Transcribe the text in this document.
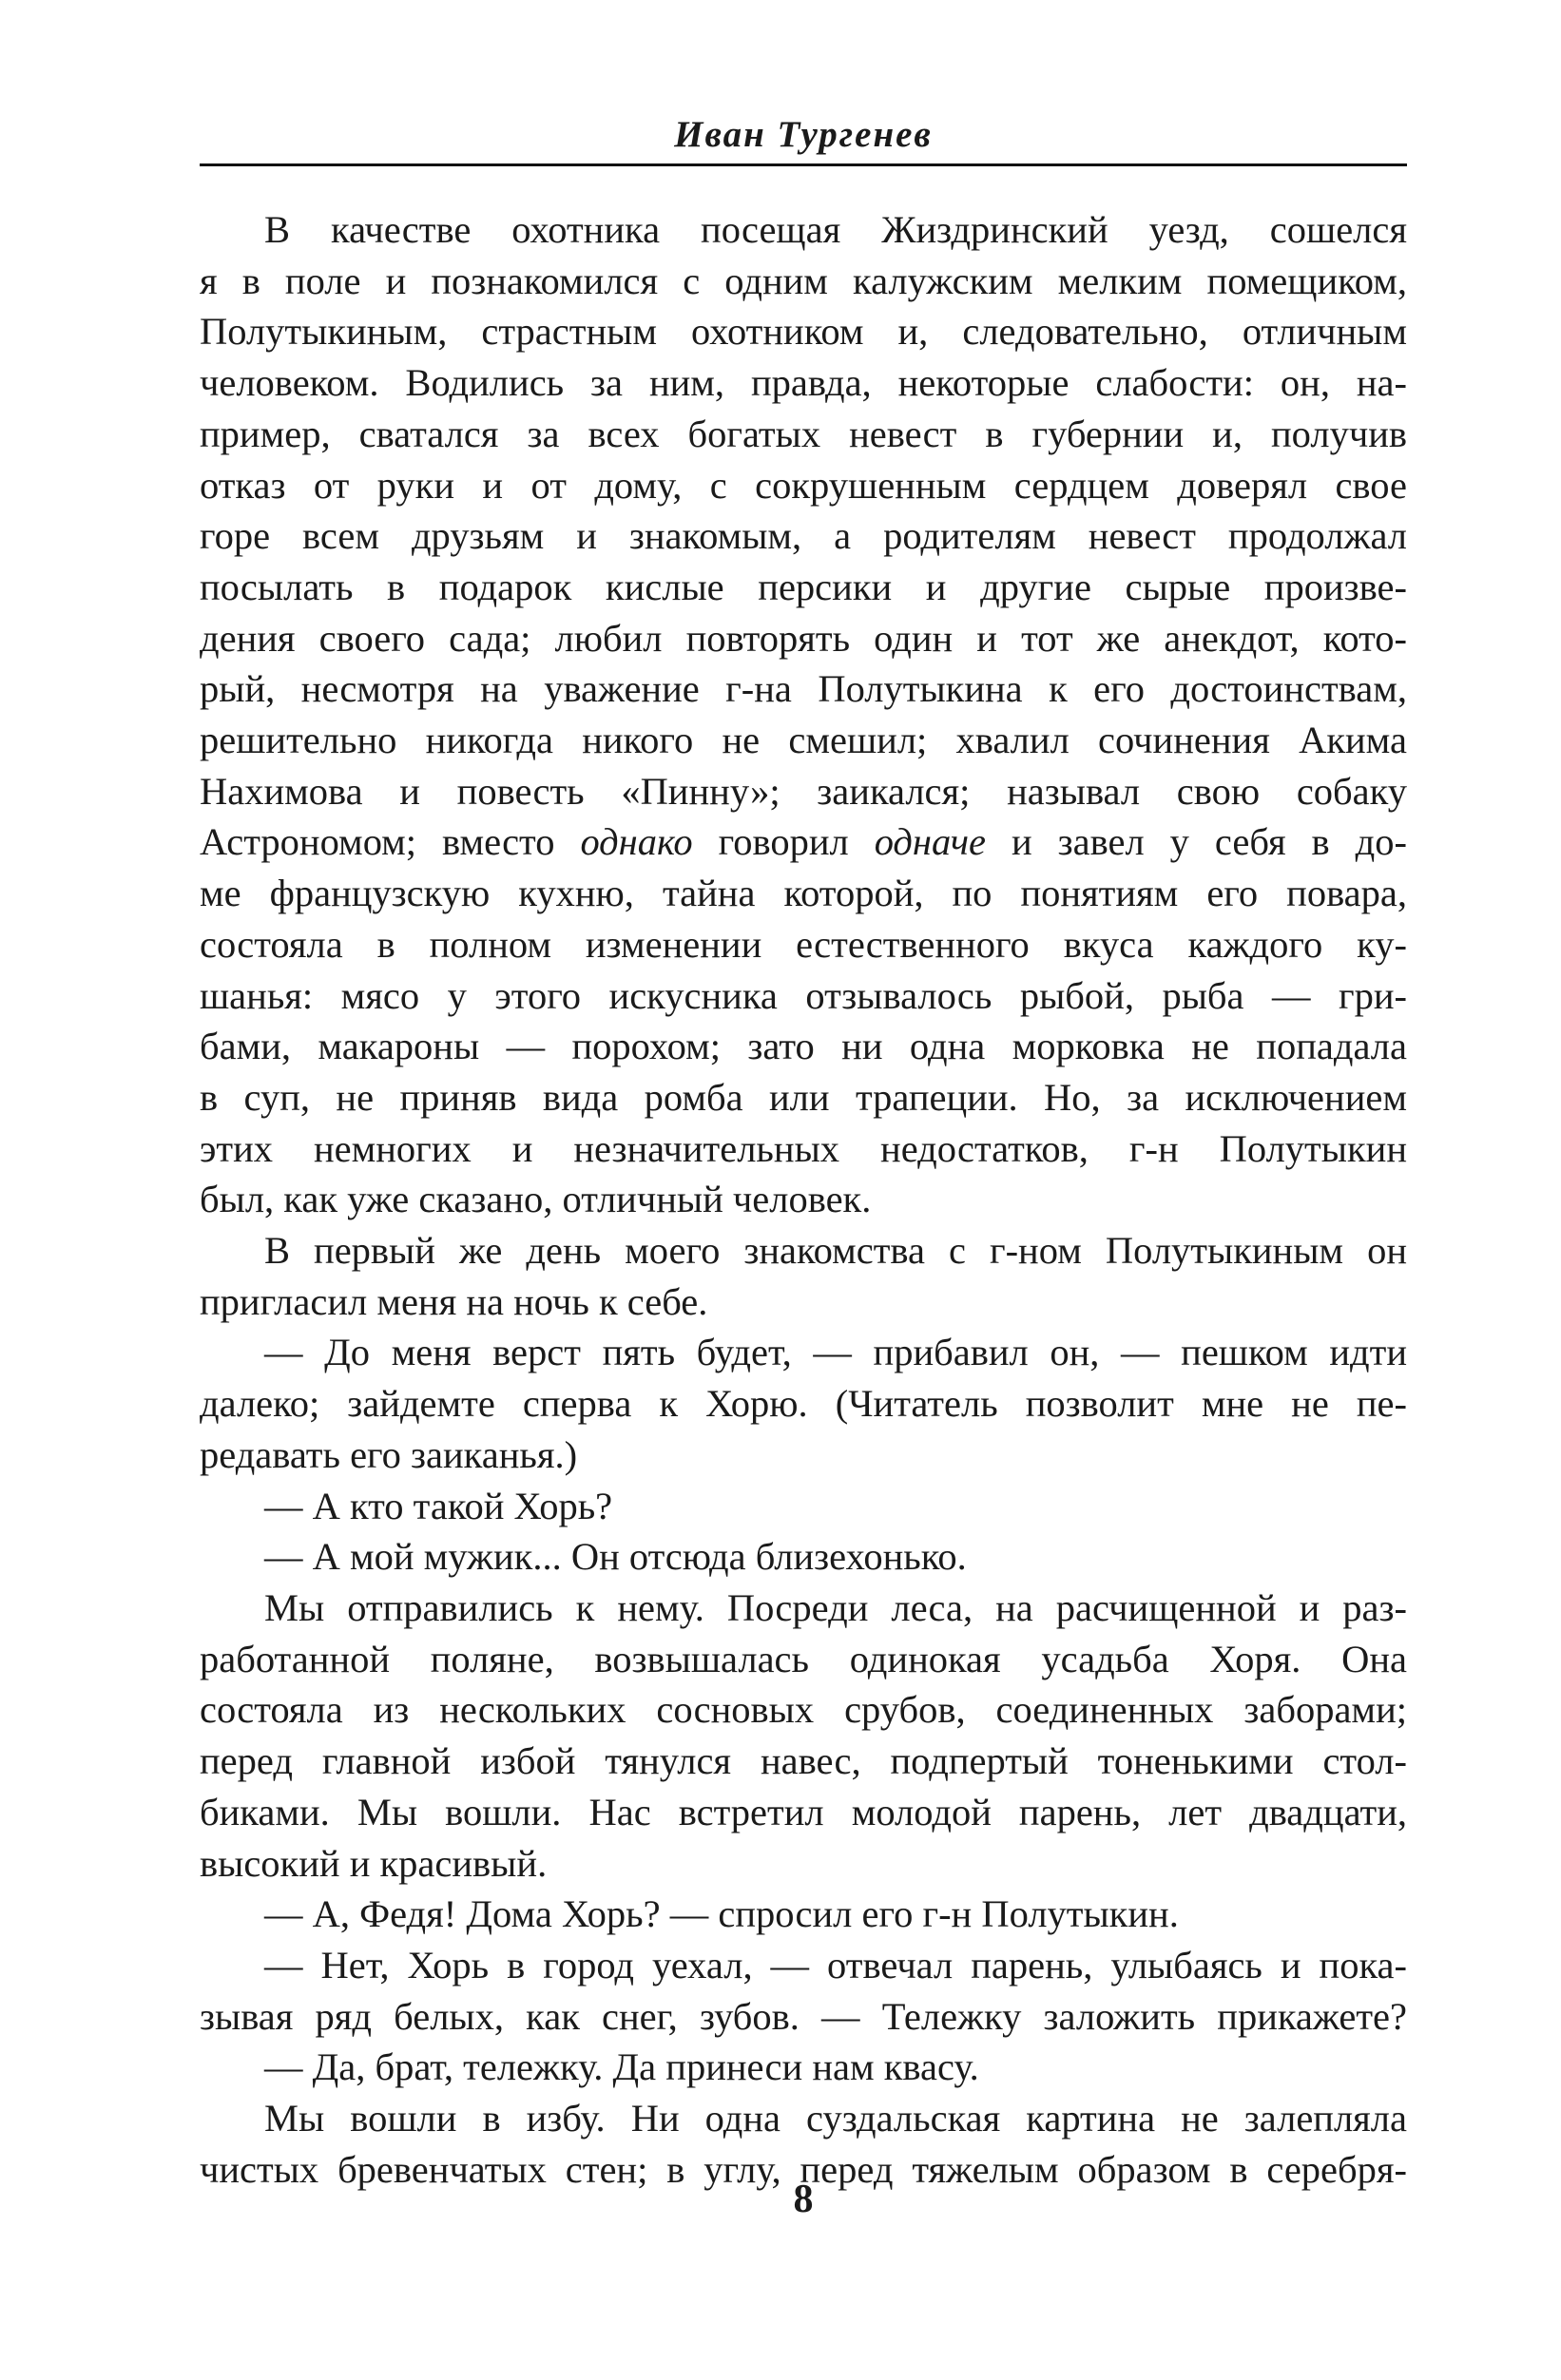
Иван Тургенев

В качестве охотника посещая Жиздринский уезд, сошелся

я в поле и познакомился с одним калужским мелким помещиком,

Полутыкиным, страстным охотником и, следовательно, отличным

человеком. Водились за ним, правда, некоторые слабости: он, на-

пример, сватался за всех богатых невест в губернии и, получив

отказ от руки и от дому, с сокрушенным сердцем доверял свое

горе всем друзьям и знакомым, а родителям невест продолжал

посылать в подарок кислые персики и другие сырые произве-

дения своего сада; любил повторять один и тот же анекдот, кото-

рый, несмотря на уважение г-на Полутыкина к его достоинствам,

решительно никогда никого не смешил; хвалил сочинения Акима

Нахимова и повесть «Пинну»; заикался; называл свою собаку

Астрономом; вместо однако говорил одначе и завел у себя в до-

ме французскую кухню, тайна которой, по понятиям его повара,

состояла в полном изменении естественного вкуса каждого ку-

шанья: мясо у этого искусника отзывалось рыбой, рыба — гри-

бами, макароны — порохом; зато ни одна морковка не попадала

в суп, не приняв вида ромба или трапеции. Но, за исключением

этих немногих и незначительных недостатков, г-н Полутыкин

был, как уже сказано, отличный человек.

В первый же день моего знакомства с г-ном Полутыкиным он

пригласил меня на ночь к себе.

— До меня верст пять будет, — прибавил он, — пешком идти

далеко; зайдемте сперва к Хорю. (Читатель позволит мне не пе-

редавать его заиканья.)

— А кто такой Хорь?

— А мой мужик... Он отсюда близехонько.

Мы отправились к нему. Посреди леса, на расчищенной и раз-

работанной поляне, возвышалась одинокая усадьба Хоря. Она

состояла из нескольких сосновых срубов, соединенных заборами;

перед главной избой тянулся навес, подпертый тоненькими стол-

биками. Мы вошли. Нас встретил молодой парень, лет двадцати,

высокий и красивый.

— А, Федя! Дома Хорь? — спросил его г-н Полутыкин.

— Нет, Хорь в город уехал, — отвечал парень, улыбаясь и пока-

зывая ряд белых, как снег, зубов. — Тележку заложить прикажете?

— Да, брат, тележку. Да принеси нам квасу.

Мы вошли в избу. Ни одна суздальская картина не залепляла

чистых бревенчатых стен; в углу, перед тяжелым образом в серебря-

8
